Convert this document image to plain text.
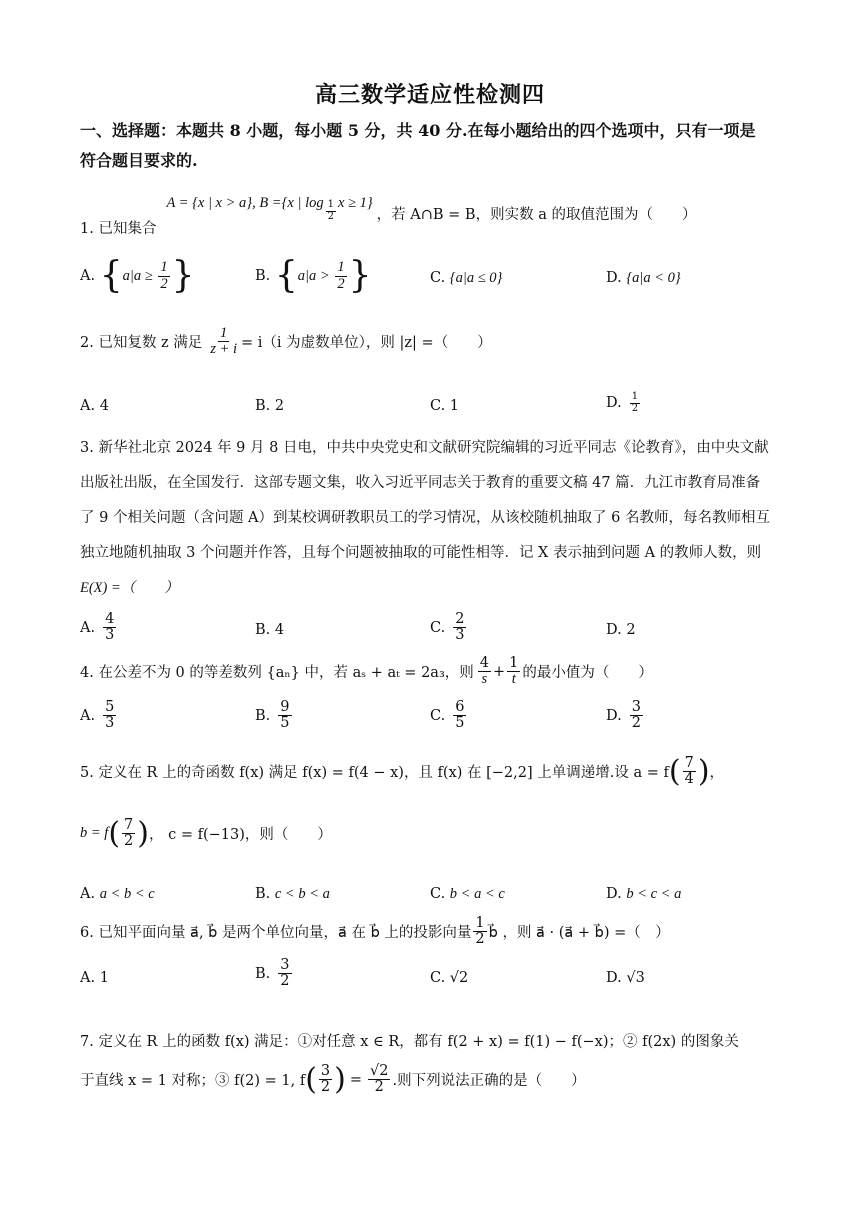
高三数学适应性检测四
一、选择题：本题共 8 小题，每小题 5 分，共 40 分.在每小题给出的四个选项中，只有一项是
符合题目要求的.
1. 已知集合
A = {x | x > a}, B = {x | $\log \frac{1}{2}$ x ≥ 1}
，若 A∩B = B，则实数 a 的取值范围为（　　）
A. {$a|a \ge \frac{1}{2}$ }	B. {$a|a > \frac{1}{2}$ }	C. {a|a ≤ 0}	D. {a|a < 0}
2. 已知复数 z 满足 $\frac{1}{z + i} = i(i$ 为虚数单位），则 |z| =（　　）
A. 4	B. 2	C. 1	D. $\frac{1}{2}$
3. 新华社北京 2024 年 9 月 8 日电，中共中央党史和文献研究院编辑的习近平同志《论教育》，由中央文献
出版社出版，在全国发行．这部专题文集，收入习近平同志关于教育的重要文稿 47 篇．九江市教育局准备
了 9 个相关问题（含问题 A）到某校调研教职员工的学习情况，从该校随机抽取了 6 名教师，每名教师相互
独立地随机抽取 3 个问题并作答，且每个问题被抽取的可能性相等．记 X 表示抽到问题 A 的教师人数，则
E(X) =（　　）
A. $\frac{4}{3}$	B. 4	C. $\frac{2}{3}$	D. 2
4. 在公差不为 0 的等差数列 {aₙ} 中，若 aₛ + aₜ = 2a₃，则 $\frac{4}{s} + \frac{1}{t}$ 的最小值为（　　）
A. $\frac{5}{3}$	B. $\frac{9}{5}$	C. $\frac{6}{5}$	D. $\frac{3}{2}$
5. 定义在 R 上的奇函数 f(x) 满足 f(x) = f(4 − x)，且 f(x) 在 [−2,2] 上单调递增.设 a = f ( $\frac{7}{4}$ ) ，
b = f ( $\frac{7}{2}$ ) ， c = f(−13)，则（　　）
A. a < b < c	B. c < b < a	C. b < a < c	D. b < c < a
6. 已知平面向量 a⃗, b⃗ 是两个单位向量，a⃗ 在 b⃗ 上的投影向量 $\frac{1}{2}$ b⃗ ，则 a⃗ · (a⃗ + b⃗) =（　）
A. 1	B. $\frac{3}{2}$	C. √2	D. √3
7. 定义在 R 上的函数 f(x) 满足：①对任意 x ∈ R，都有 f(2 + x) = f(1) − f(−x)；② f(2x) 的图象关
于直线 x = 1 对称；③ f(2) = 1, f ( $\frac{3}{2}$ ) = $\frac{√2}{2}$ .则下列说法正确的是（　　）
